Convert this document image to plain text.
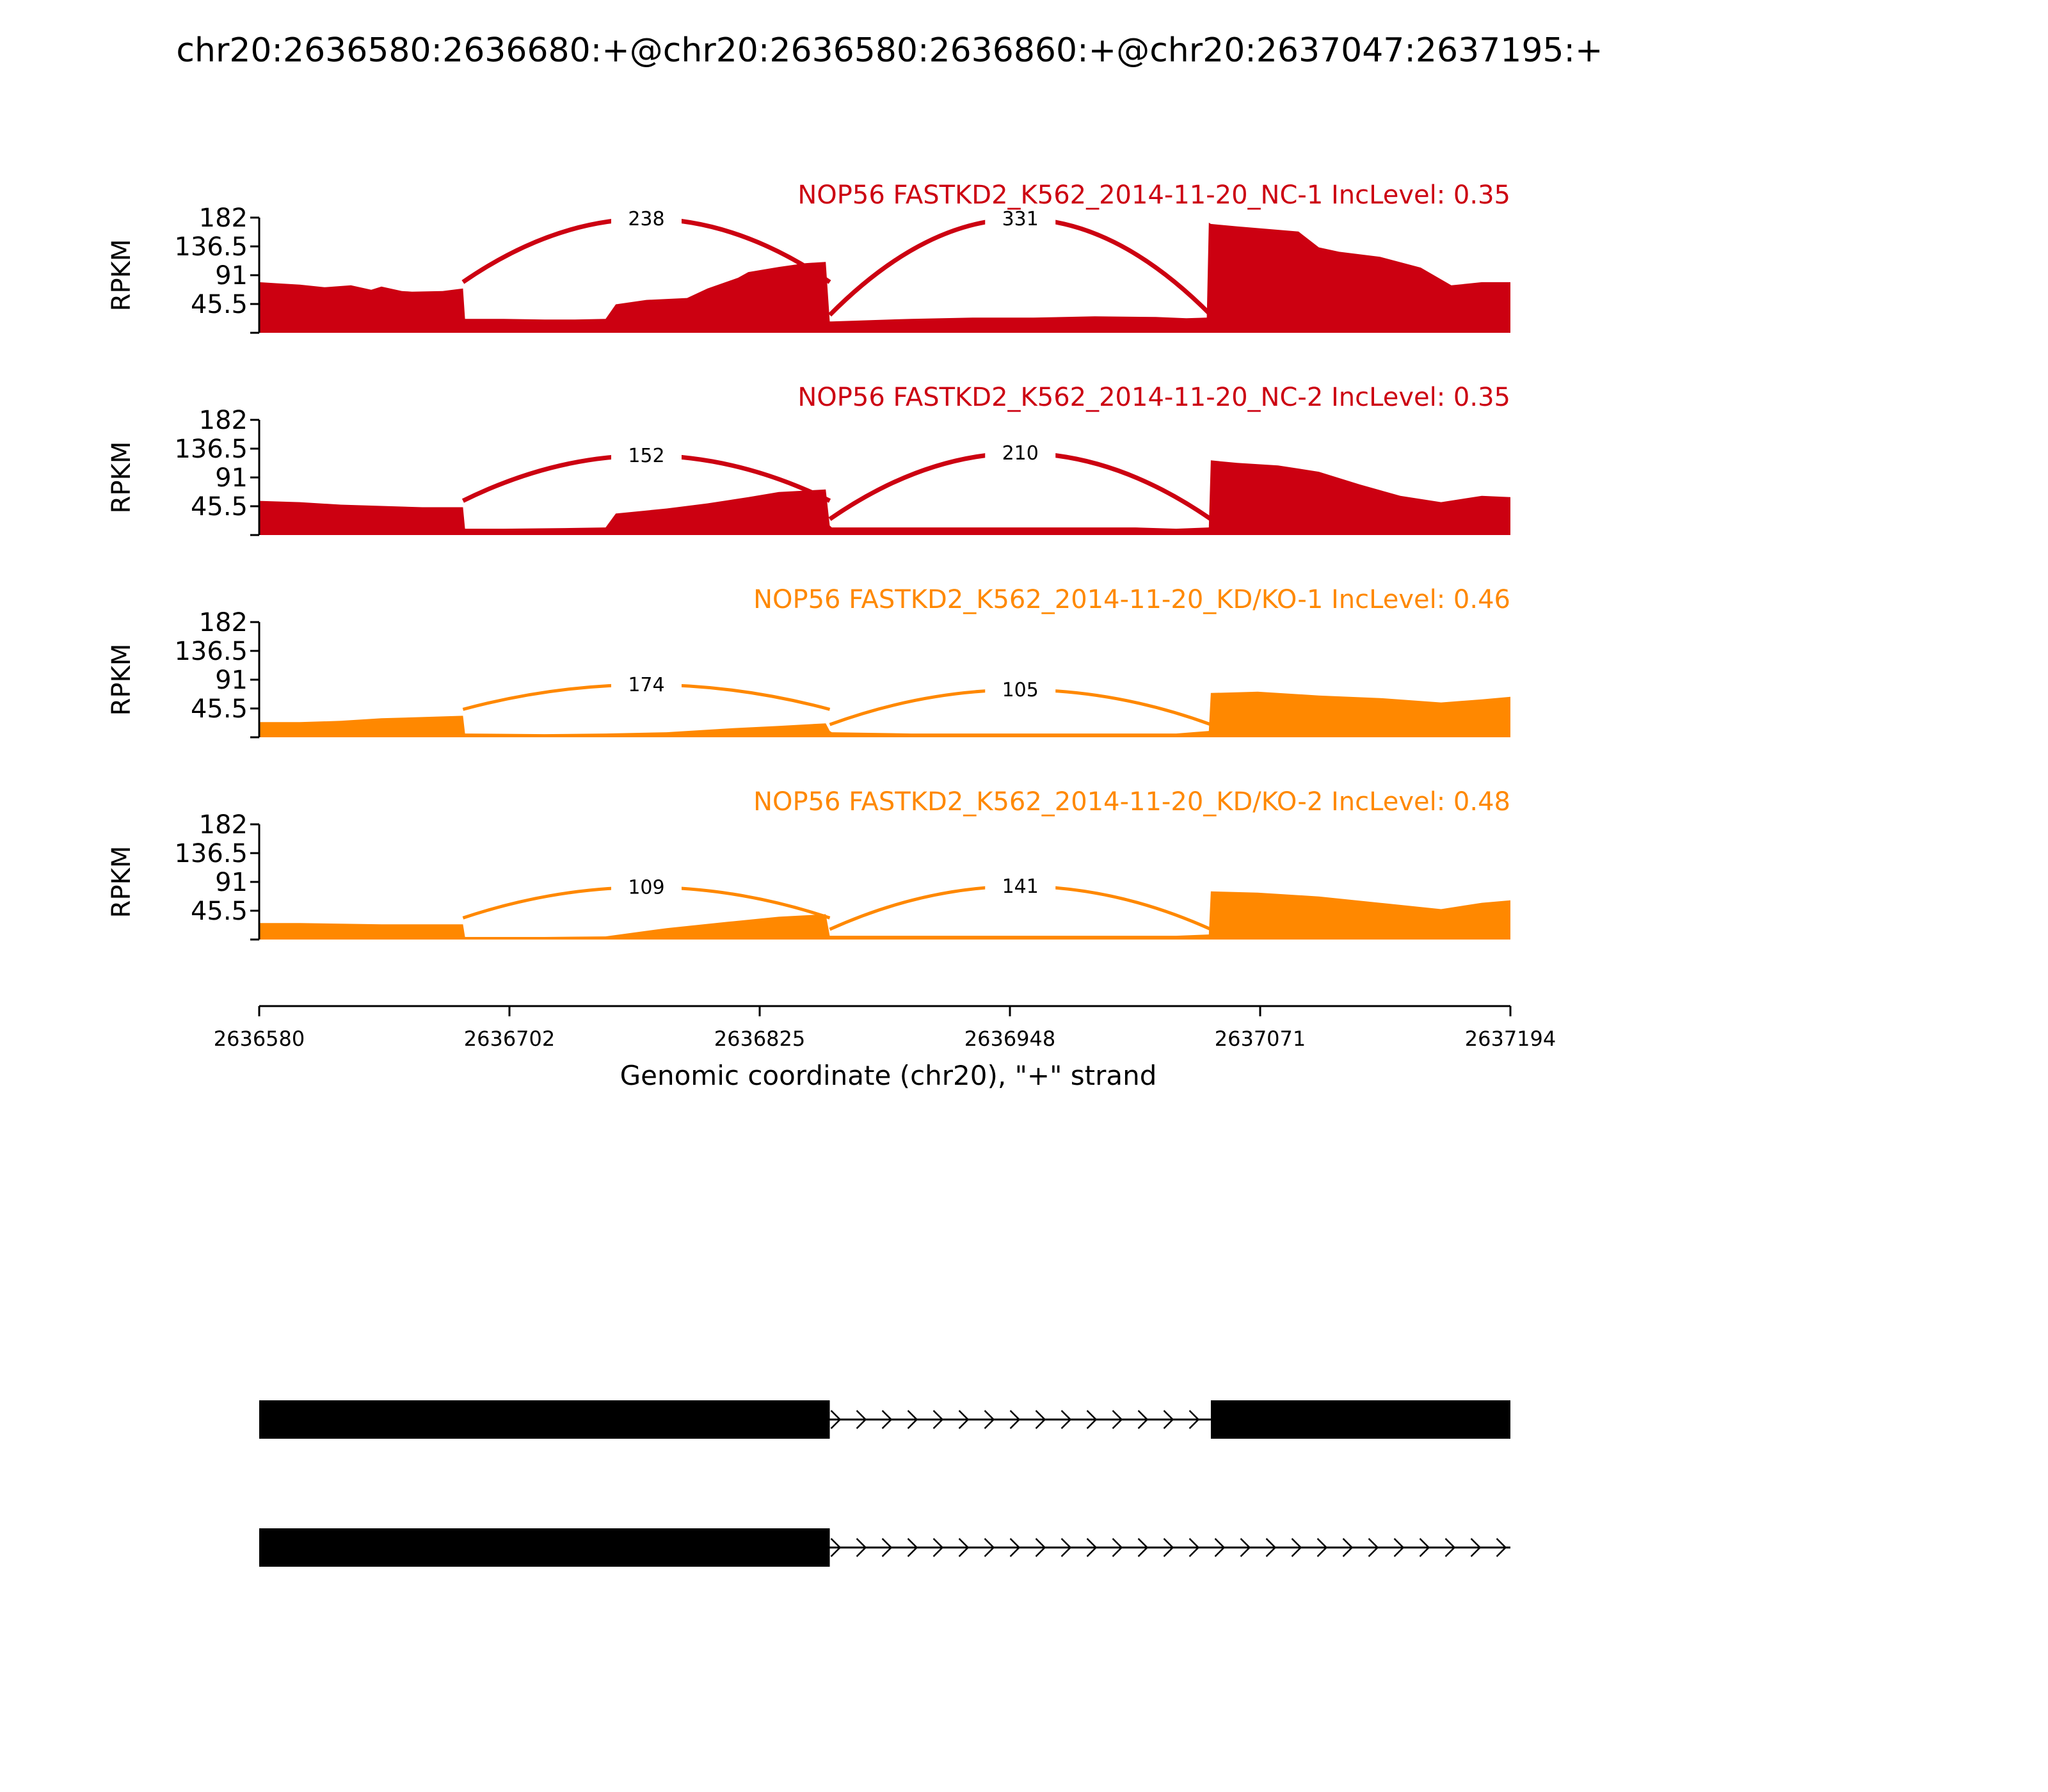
chr20:2636580:2636680:+@chr20:2636580:2636860:+@chr20:2637047:2637195:+
238	331
NOP56 FASTKD2_K562_2014-11-20_NC-1 IncLevel: 0.35
182
136.5
91
45.5
RPKM
152	210
NOP56 FASTKD2_K562_2014-11-20_NC-2 IncLevel: 0.35
182
136.5
91
45.5
RPKM
174	105
NOP56 FASTKD2_K562_2014-11-20_KD/KO-1 IncLevel: 0.46
182
136.5
91
45.5
RPKM
109	141
NOP56 FASTKD2_K562_2014-11-20_KD/KO-2 IncLevel: 0.48
182
136.5
91
45.5
RPKM
2636580	2636702	2636825	2636948	2637071	2637194
Genomic coordinate (chr20), "+" strand
